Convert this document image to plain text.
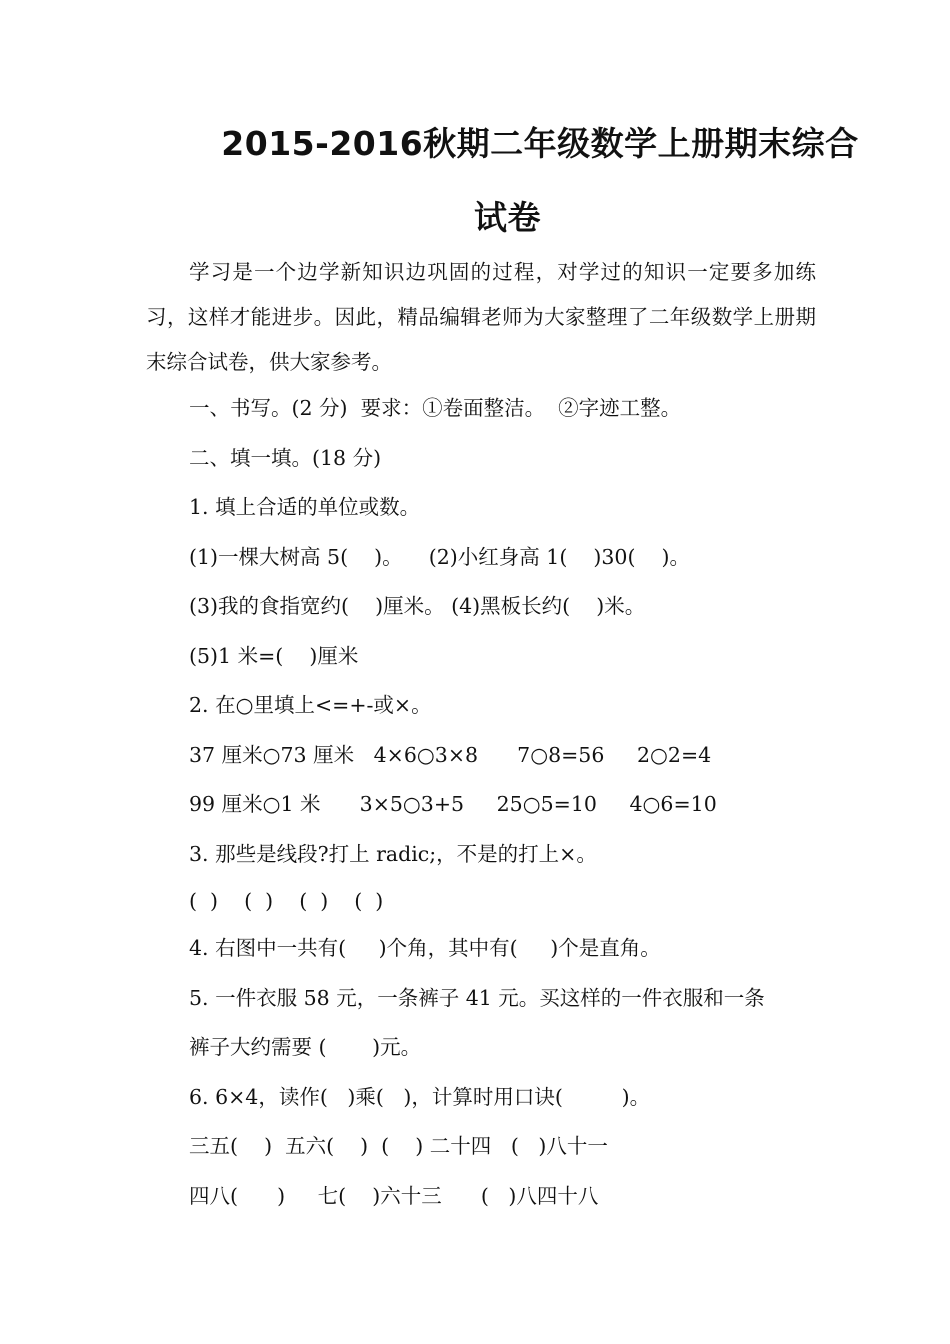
2015-2016秋期二年级数学上册期末综合
试卷

学习是一个边学新知识边巩固的过程，对学过的知识一定要多加练习，这样才能进步。因此，精品编辑老师为大家整理了二年级数学上册期末综合试卷，供大家参考。

一、书写。(2 分)  要求：①卷面整洁。  ②字迹工整。

二、填一填。(18 分)

1. 填上合适的单位或数。

(1)一棵大树高 5(    )。    (2)小红身高 1(    )30(    )。

(3)我的食指宽约(    )厘米。 (4)黑板长约(    )米。

(5)1 米=(    )厘米

2. 在○里填上<=+-或×。

37 厘米○73 厘米   4×6○3×8      7○8=56     2○2=4

99 厘米○1 米      3×5○3+5     25○5=10     4○6=10

3. 那些是线段?打上 radic;，不是的打上×。

(  )    (  )    (  )    (  )

4. 右图中一共有(     )个角，其中有(     )个是直角。

5. 一件衣服 58 元，一条裤子 41 元。买这样的一件衣服和一条

裤子大约需要 (       )元。

6. 6×4，读作(   )乘(   )，计算时用口诀(         )。

三五(    )  五六(    )  (    ) 二十四   (   )八十一

四八(      )     七(    )六十三      (   )八四十八
